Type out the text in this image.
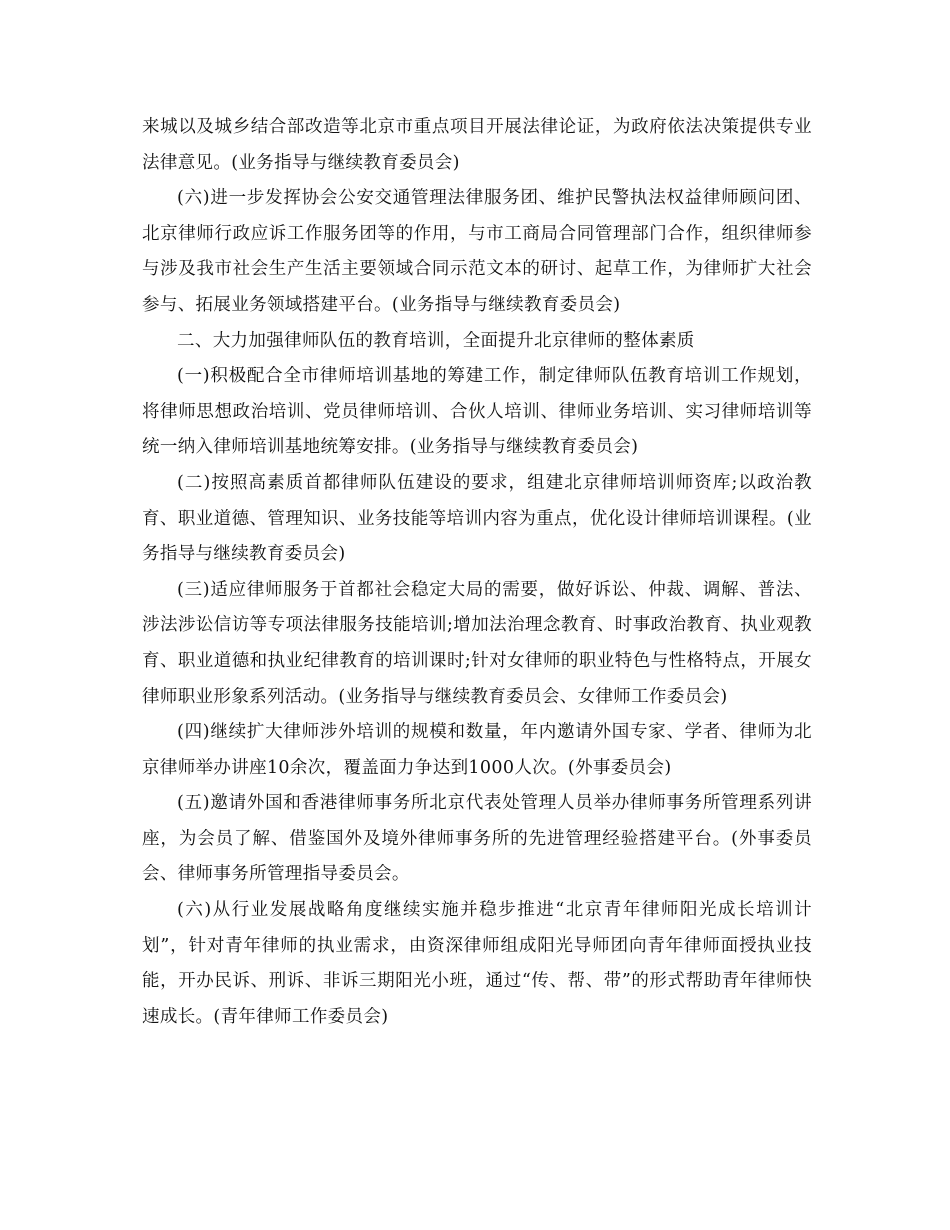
来城以及城乡结合部改造等北京市重点项目开展法律论证，为政府依法决策提供专业法律意见。(业务指导与继续教育委员会)

(六)进一步发挥协会公安交通管理法律服务团、维护民警执法权益律师顾问团、北京律师行政应诉工作服务团等的作用，与市工商局合同管理部门合作，组织律师参与涉及我市社会生产生活主要领域合同示范文本的研讨、起草工作，为律师扩大社会参与、拓展业务领域搭建平台。(业务指导与继续教育委员会)

二、大力加强律师队伍的教育培训，全面提升北京律师的整体素质

(一)积极配合全市律师培训基地的筹建工作，制定律师队伍教育培训工作规划，将律师思想政治培训、党员律师培训、合伙人培训、律师业务培训、实习律师培训等统一纳入律师培训基地统筹安排。(业务指导与继续教育委员会)

(二)按照高素质首都律师队伍建设的要求，组建北京律师培训师资库;以政治教育、职业道德、管理知识、业务技能等培训内容为重点，优化设计律师培训课程。(业务指导与继续教育委员会)

(三)适应律师服务于首都社会稳定大局的需要，做好诉讼、仲裁、调解、普法、涉法涉讼信访等专项法律服务技能培训;增加法治理念教育、时事政治教育、执业观教育、职业道德和执业纪律教育的培训课时;针对女律师的职业特色与性格特点，开展女律师职业形象系列活动。(业务指导与继续教育委员会、女律师工作委员会)

(四)继续扩大律师涉外培训的规模和数量，年内邀请外国专家、学者、律师为北京律师举办讲座10余次，覆盖面力争达到1000人次。(外事委员会)

(五)邀请外国和香港律师事务所北京代表处管理人员举办律师事务所管理系列讲座，为会员了解、借鉴国外及境外律师事务所的先进管理经验搭建平台。(外事委员会、律师事务所管理指导委员会。

(六)从行业发展战略角度继续实施并稳步推进“北京青年律师阳光成长培训计划”，针对青年律师的执业需求，由资深律师组成阳光导师团向青年律师面授执业技能，开办民诉、刑诉、非诉三期阳光小班，通过“传、帮、带”的形式帮助青年律师快速成长。(青年律师工作委员会)
